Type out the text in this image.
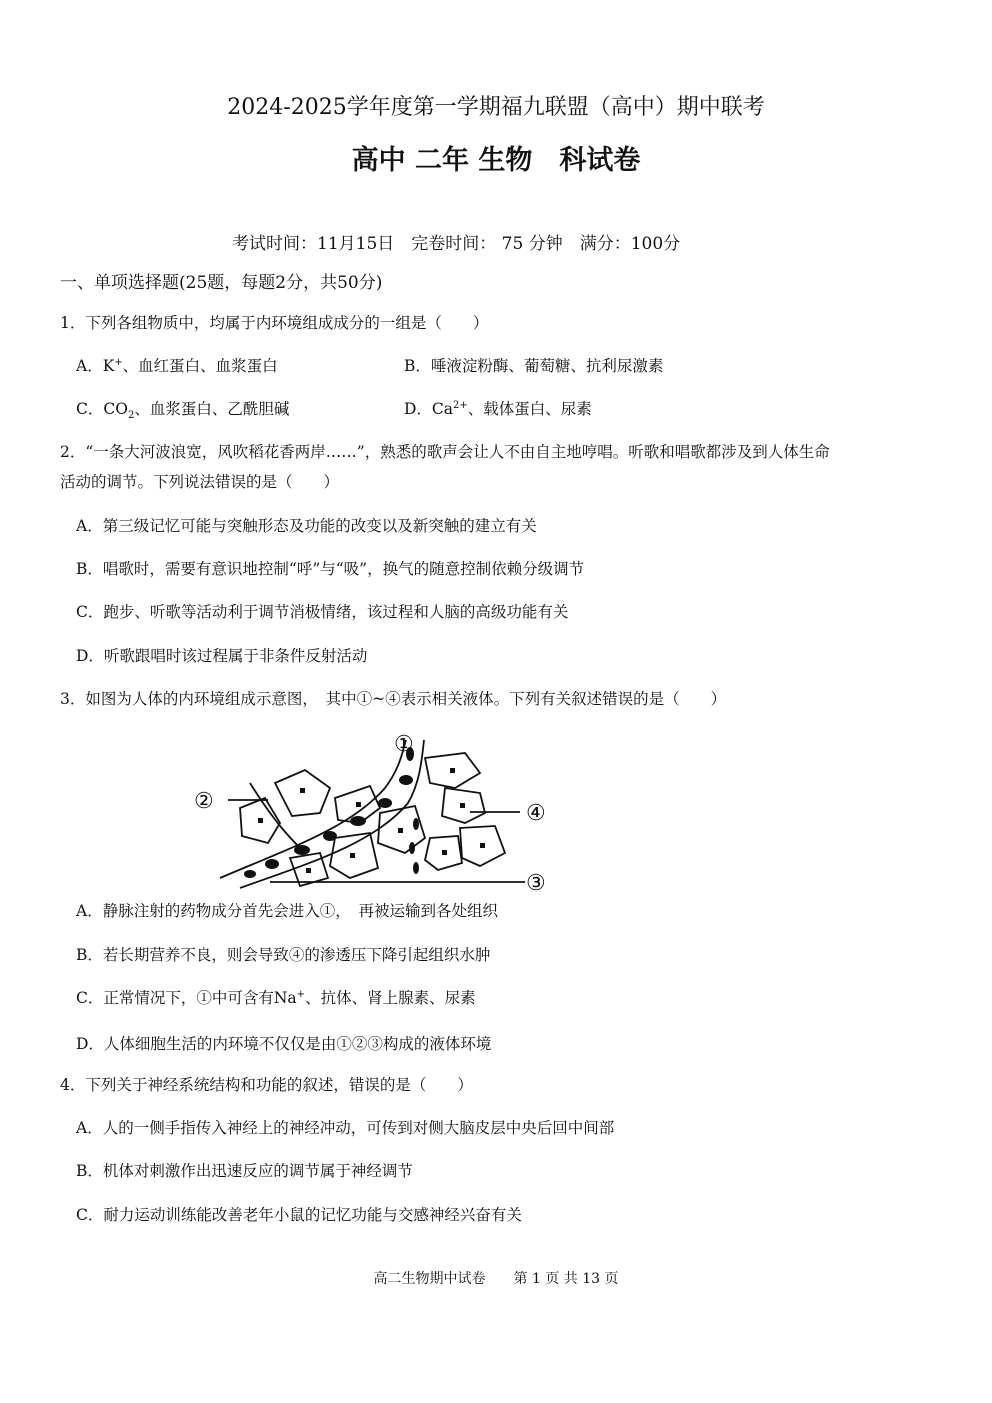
2024-2025学年度第一学期福九联盟（高中）期中联考
高中 二年 生物　科试卷
考试时间：11月15日　完卷时间： 75 分钟　满分：100分
一、单项选择题(25题，每题2分，共50分)
1．下列各组物质中，均属于内环境组成成分的一组是（　　）
A．K+、血红蛋白、血浆蛋白	B．唾液淀粉酶、葡萄糖、抗利尿激素
C．$CO_2$、血浆蛋白、乙酰胆碱	D．$Ca^{2+}$、载体蛋白、尿素
2．“一条大河波浪宽，风吹稻花香两岸……”，熟悉的歌声会让人不由自主地哼唱。听歌和唱歌都涉及到人体生命
活动的调节。下列说法错误的是（　　）
A．第三级记忆可能与突触形态及功能的改变以及新突触的建立有关
B．唱歌时，需要有意识地控制“呼”与“吸”，换气的随意控制依赖分级调节
C．跑步、听歌等活动利于调节消极情绪，该过程和人脑的高级功能有关
D．听歌跟唱时该过程属于非条件反射活动
3．如图为人体的内环境组成示意图，　其中①~④表示相关液体。下列有关叙述错误的是（　　）
①
②
③
④
A．静脉注射的药物成分首先会进入①，　再被运输到各处组织
B．若长期营养不良，则会导致④的渗透压下降引起组织水肿
C．正常情况下，①中可含有Na+、抗体、肾上腺素、尿素
D．人体细胞生活的内环境不仅仅是由①②③构成的液体环境
4．下列关于神经系统结构和功能的叙述，错误的是（　　）
A．人的一侧手指传入神经上的神经冲动，可传到对侧大脑皮层中央后回中间部
B．机体对刺激作出迅速反应的调节属于神经调节
C．耐力运动训练能改善老年小鼠的记忆功能与交感神经兴奋有关
高二生物期中试卷　　第 1 页 共 13 页
